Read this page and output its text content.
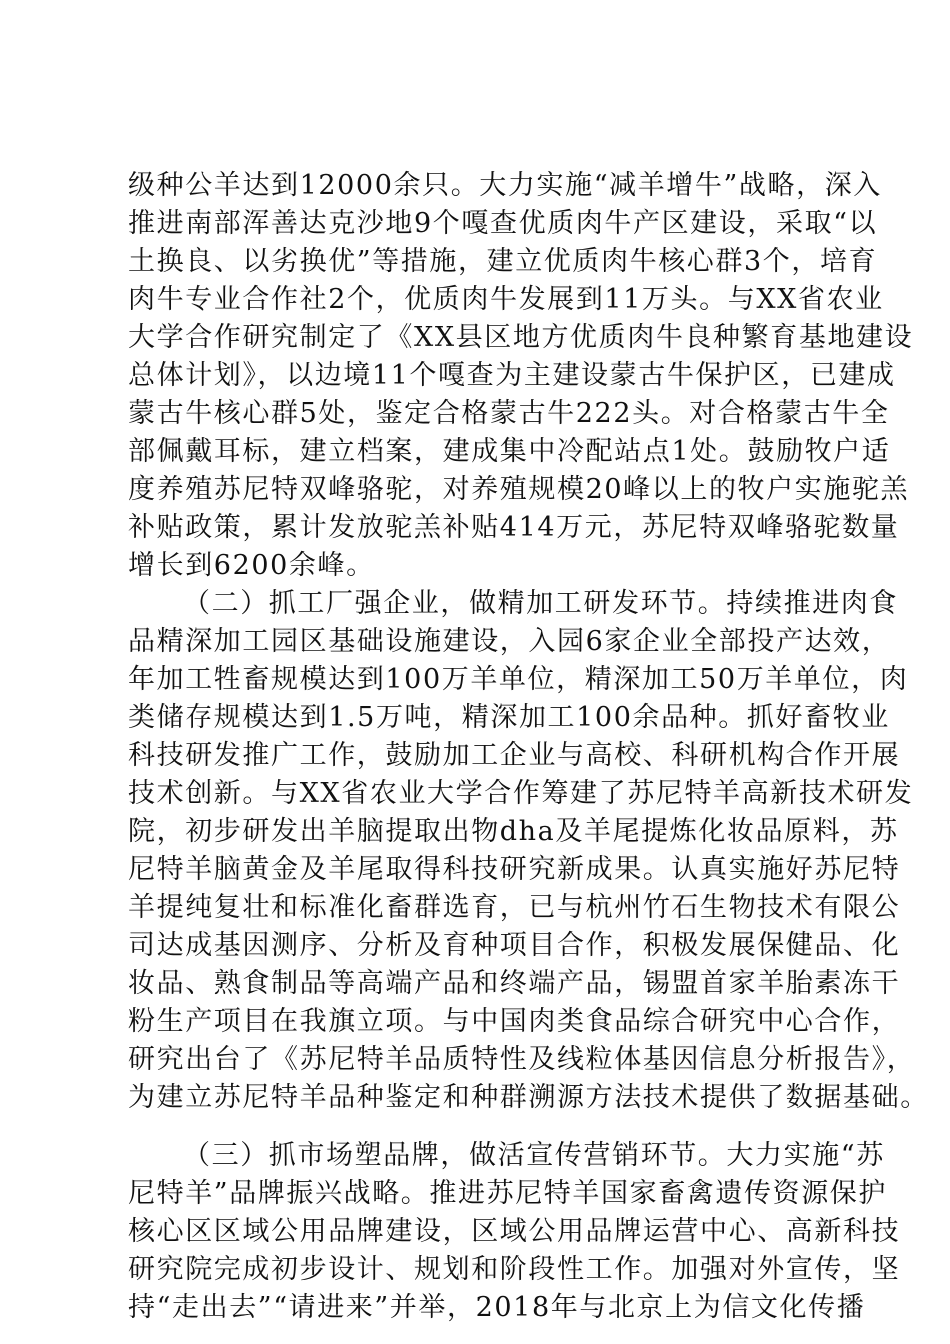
级种公羊达到12000余只。大力实施“减羊增牛”战略，深入
推进南部浑善达克沙地9个嘎查优质肉牛产区建设，采取“以
土换良、以劣换优”等措施，建立优质肉牛核心群3个，培育
肉牛专业合作社2个，优质肉牛发展到11万头。与XX省农业
大学合作研究制定了《XX县区地方优质肉牛良种繁育基地建设
总体计划》，以边境11个嘎查为主建设蒙古牛保护区，已建成
蒙古牛核心群5处，鉴定合格蒙古牛222头。对合格蒙古牛全
部佩戴耳标，建立档案，建成集中冷配站点1处。鼓励牧户适
度养殖苏尼特双峰骆驼，对养殖规模20峰以上的牧户实施驼羔
补贴政策，累计发放驼羔补贴414万元，苏尼特双峰骆驼数量
增长到6200余峰。
（二）抓工厂强企业，做精加工研发环节。持续推进肉食
品精深加工园区基础设施建设，入园6家企业全部投产达效，
年加工牲畜规模达到100万羊单位，精深加工50万羊单位，肉
类储存规模达到1.5万吨，精深加工100余品种。抓好畜牧业
科技研发推广工作，鼓励加工企业与高校、科研机构合作开展
技术创新。与XX省农业大学合作筹建了苏尼特羊高新技术研发
院，初步研发出羊脑提取出物dha及羊尾提炼化妆品原料，苏
尼特羊脑黄金及羊尾取得科技研究新成果。认真实施好苏尼特
羊提纯复壮和标准化畜群选育，已与杭州竹石生物技术有限公
司达成基因测序、分析及育种项目合作，积极发展保健品、化
妆品、熟食制品等高端产品和终端产品，锡盟首家羊胎素冻干
粉生产项目在我旗立项。与中国肉类食品综合研究中心合作，
研究出台了《苏尼特羊品质特性及线粒体基因信息分析报告》，
为建立苏尼特羊品种鉴定和种群溯源方法技术提供了数据基础。
（三）抓市场塑品牌，做活宣传营销环节。大力实施“苏
尼特羊”品牌振兴战略。推进苏尼特羊国家畜禽遗传资源保护
核心区区域公用品牌建设，区域公用品牌运营中心、高新科技
研究院完成初步设计、规划和阶段性工作。加强对外宣传，坚
持“走出去”“请进来”并举，2018年与北京上为信文化传播
